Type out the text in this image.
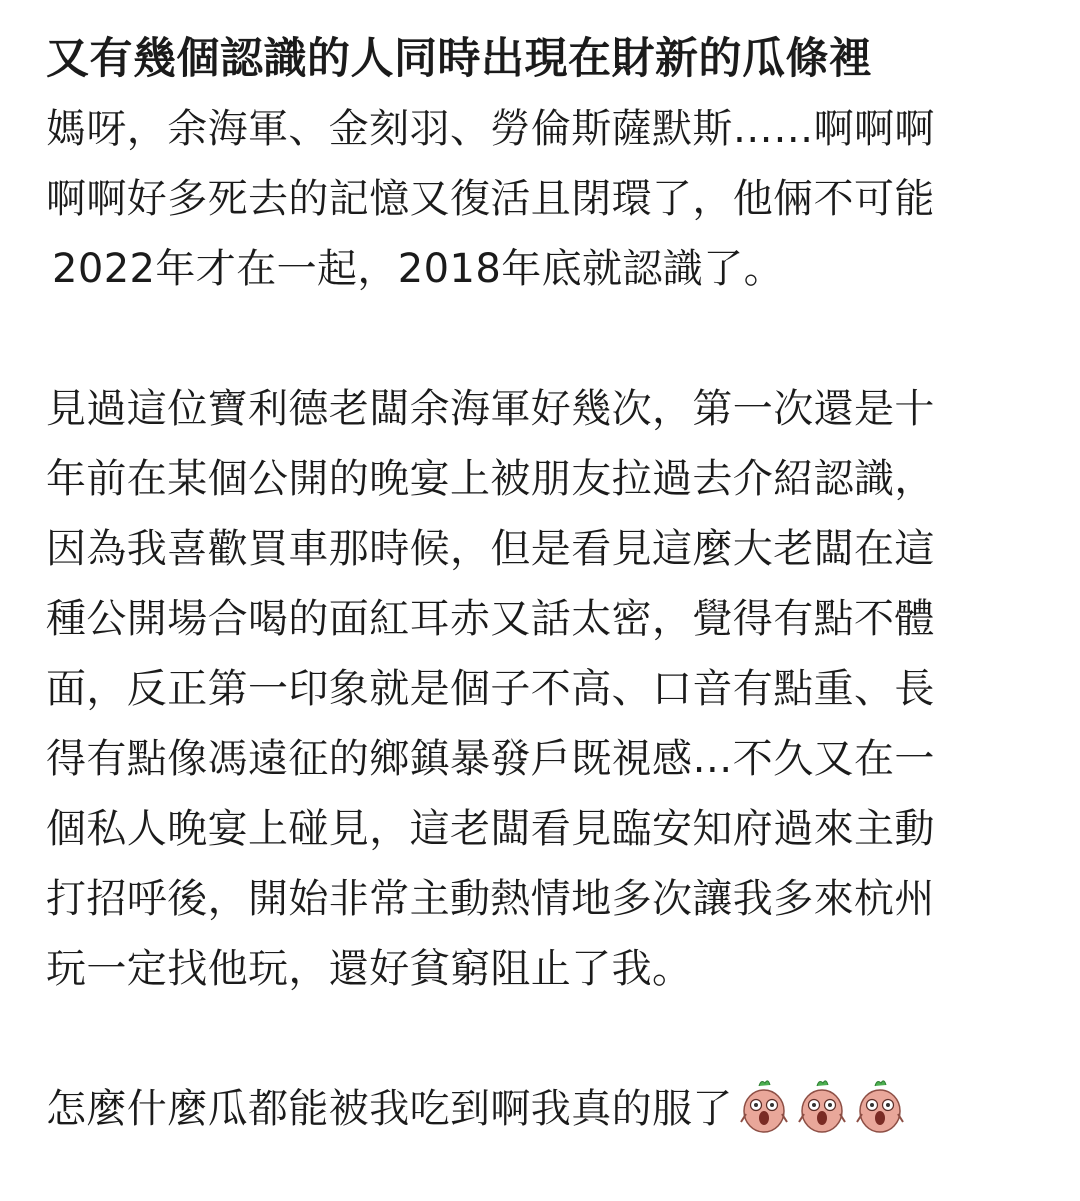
又有幾個認識的人同時出現在財新的瓜條裡
媽呀，余海軍、金刻羽、勞倫斯薩默斯……啊啊啊
啊啊好多死去的記憶又復活且閉環了，他倆不可能
2022年才在一起，2018年底就認識了。
見過這位寶利德老闆余海軍好幾次，第一次還是十
年前在某個公開的晚宴上被朋友拉過去介紹認識，
因為我喜歡買車那時候，但是看見這麼大老闆在這
種公開場合喝的面紅耳赤又話太密，覺得有點不體
面，反正第一印象就是個子不高、口音有點重、長
得有點像馮遠征的鄉鎮暴發戶既視感…不久又在一
個私人晚宴上碰見，這老闆看見臨安知府過來主動
打招呼後，開始非常主動熱情地多次讓我多來杭州
玩一定找他玩，還好貧窮阻止了我。
怎麼什麼瓜都能被我吃到啊我真的服了
